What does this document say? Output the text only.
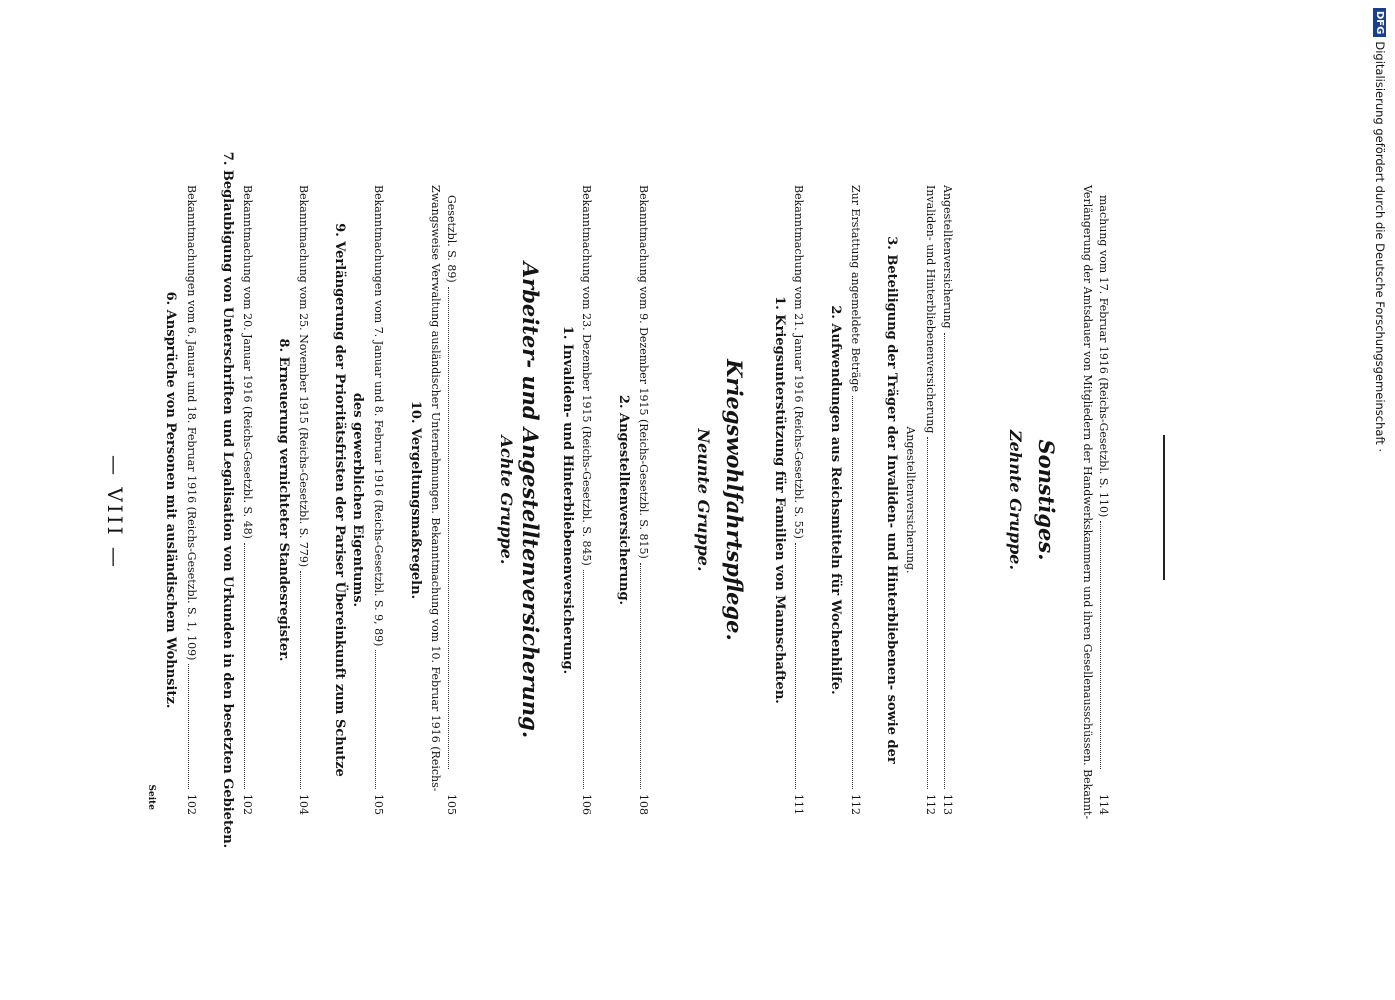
— VIII —
Seite
6. Ansprüche von Personen mit ausländischem Wohnsitz. Bekanntmachungen vom 6. Januar und 18. Februar 1916 (Reichs-Gesetzbl. S. 1, 109)
102 7. Beglaubigung von Unterschriften und Legalisation von Urkunden in den besetzten Gebieten. Bekanntmachung vom 20. Januar 1916 (Reichs-Gesetzbl. S. 48)
102
8. Erneuerung vernichteter Standesregister. Bekanntmachung vom 25. November 1915 (Reichs-Gesetzbl. S. 779)
104
9. Verlängerung der Prioritätsfristen der Pariser Übereinkunft zum Schutze des gewerblichen Eigentums. Bekanntmachungen vom 7. Januar und 8. Februar 1916 (Reichs-Gesetzbl. S. 9, 89)
105
10. Vergeltungsmaßregeln. Zwangsweise Verwaltung ausländischer Unternehmungen. Bekanntmachung vom 10. Februar 1916 (Reichs- Gesetzbl. S. 89)
105
Achte Gruppe. Arbeiter- und Angestelltenversicherung. 1. Invaliden- und Hinterbliebenenversicherung. Bekanntmachung vom 23. Dezember 1915 (Reichs-Gesetzbl. S. 845)
106
2. Angestelltenversicherung. Bekanntmachung vom 9. Dezember 1915 (Reichs-Gesetzbl. S. 815)
108
Neunte Gruppe. Kriegswohlfahrtspflege. 1. Kriegsunterstützung für Familien von Mannschaften. Bekanntmachung vom 21. Januar 1916 (Reichs-Gesetzbl. S. 55)
111
2. Aufwendungen aus Reichsmitteln für Wochenhilfe.
Zur Erstattung angemeldete Beträge
112
3. Beteiligung der Träger der Invaliden- und Hinterbliebenen- sowie der Angestelltenversicherung.
Invaliden- und Hinterbliebenenversicherung
112
Angestelltenversicherung
113
Zehnte Gruppe. Sonstiges. Verlängerung der Amtsdauer von Mitgliedern der Handwerkskammern und ihren Gesellenausschüssen. Bekannt- machung vom 17. Februar 1916 (Reichs-Gesetzbl. S. 110)
114
DFG
Digitalisierung gefördert durch die Deutsche Forschungsgemeinschaft ·
